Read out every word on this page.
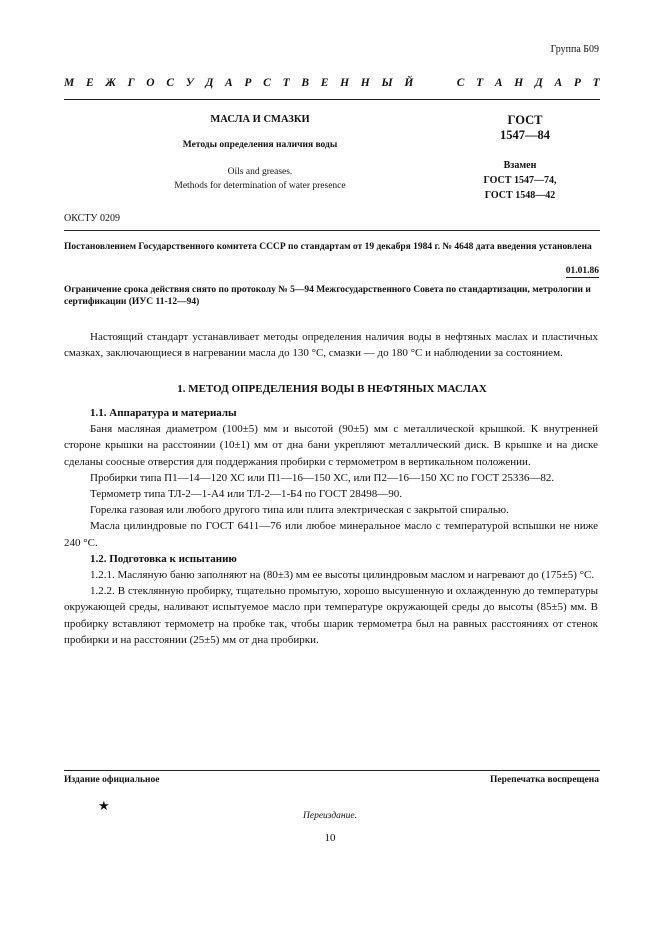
Группа Б09
М Е Ж Г О С У Д А Р С Т В Е Н Н Ы Й	С Т А Н Д А Р Т
МАСЛА И СМАЗКИ
Методы определения наличия воды
Oils and greases.
Methods for determination of water presence
ГОСТ
1547—84
Взамен
ГОСТ 1547—74,
ГОСТ 1548—42
ОКСТУ 0209
Постановлением Государственного комитета СССР по стандартам от 19 декабря 1984 г. № 4648 дата введения установлена
01.01.86
Ограничение срока действия снято по протоколу № 5—94 Межгосударственного Совета по стандартизации, метрологии и сертификации (ИУС 11-12—94)

Настоящий стандарт устанавливает методы определения наличия воды в нефтяных маслах и пластичных смазках, заключающиеся в нагревании масла до 130 °С, смазки — до 180 °С и наблюдении за состоянием.

1. МЕТОД ОПРЕДЕЛЕНИЯ ВОДЫ В НЕФТЯНЫХ МАСЛАХ

1.1. Аппаратура и материалы

Баня масляная диаметром (100±5) мм и высотой (90±5) мм с металлической крышкой. К внутренней стороне крышки на расстоянии (10±1) мм от дна бани укрепляют металлический диск. В крышке и на диске сделаны соосные отверстия для поддержания пробирки с термометром в вертикальном положении.

Пробирки типа П1—14—120 ХС или П1—16—150 ХС, или П2—16—150 ХС по ГОСТ 25336—82.

Термометр типа ТЛ-2—1-А4 или ТЛ-2—1-Б4 по ГОСТ 28498—90.

Горелка газовая или любого другого типа или плита электрическая с закрытой спиралью.

Масла цилиндровые по ГОСТ 6411—76 или любое минеральное масло с температурой вспышки не ниже 240 °С.

1.2. Подготовка к испытанию

1.2.1. Масляную баню заполняют на (80±3) мм ее высоты цилиндровым маслом и нагревают до (175±5) °С.

1.2.2. В стеклянную пробирку, тщательно промытую, хорошо высушенную и охлажденную до температуры окружающей среды, наливают испытуемое масло при температуре окружающей среды до высоты (85±5) мм. В пробирку вставляют термометр на пробке так, чтобы шарик термометра был на равных расстояниях от стенок пробирки и на расстоянии (25±5) мм от дна пробирки.

Издание официальное	Перепечатка воспрещена
★
Переиздание.
10
